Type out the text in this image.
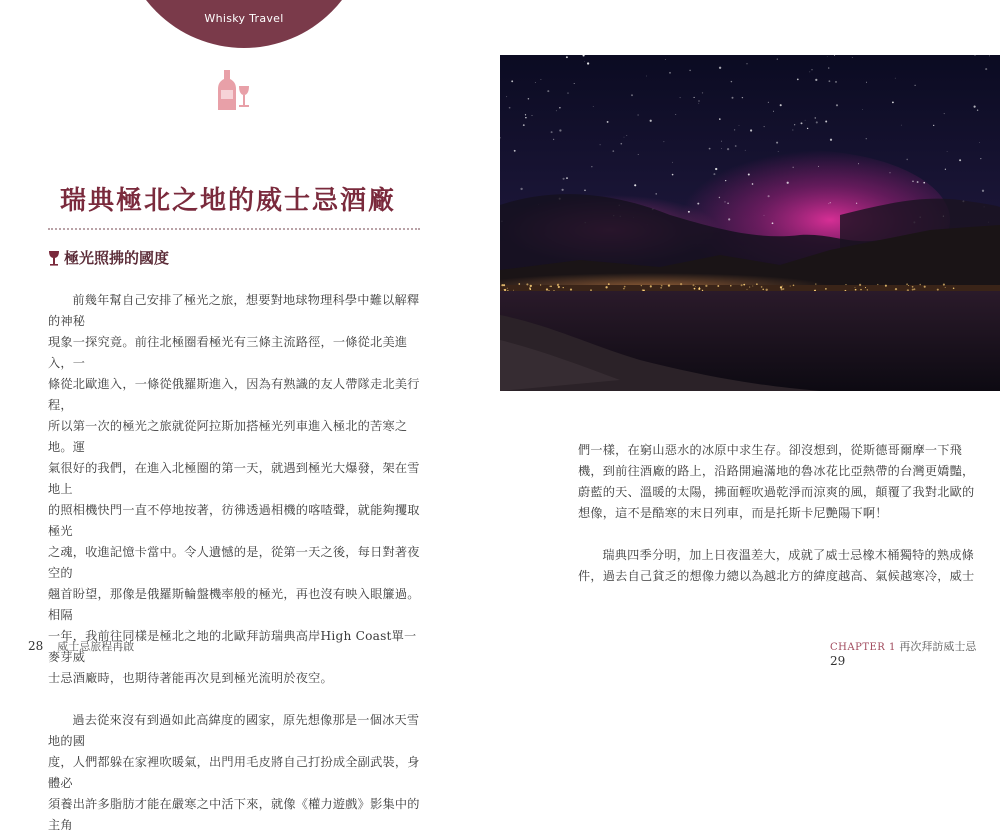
Whisky Travel
瑞典極北之地的威士忌酒廠
極光照拂的國度

前幾年幫自己安排了極光之旅，想要對地球物理科學中難以解釋的神秘

現象一探究竟。前往北極圈看極光有三條主流路徑，一條從北美進入，一

條從北歐進入，一條從俄羅斯進入，因為有熟識的友人帶隊走北美行程，

所以第一次的極光之旅就從阿拉斯加搭極光列車進入極北的苦寒之地。運

氣很好的我們，在進入北極圈的第一天，就遇到極光大爆發，架在雪地上

的照相機快門一直不停地按著，彷彿透過相機的喀喳聲，就能夠攫取極光

之魂，收進記憶卡當中。令人遺憾的是，從第一天之後，每日對著夜空的

翹首盼望，那像是俄羅斯輪盤機率般的極光，再也沒有映入眼簾過。相隔

一年，我前往同樣是極北之地的北歐拜訪瑞典高岸High Coast單一麥芽威

士忌酒廠時，也期待著能再次見到極光流明於夜空。

過去從來沒有到過如此高緯度的國家，原先想像那是一個冰天雪地的國

度，人們都躲在家裡吹暖氣，出門用毛皮將自己打扮成全副武裝，身體必

須養出許多脂肪才能在嚴寒之中活下來，就像《權力遊戲》影集中的主角

28 威士忌旅程再啟

們一樣，在窮山惡水的冰原中求生存。卻沒想到，從斯德哥爾摩一下飛

機，到前往酒廠的路上，沿路開遍滿地的魯冰花比亞熱帶的台灣更嬌豔，

蔚藍的天、溫暖的太陽，拂面輕吹過乾淨而涼爽的風，顛覆了我對北歐的

想像，這不是酷寒的末日列車，而是托斯卡尼艷陽下啊！

瑞典四季分明，加上日夜溫差大，成就了威士忌橡木桶獨特的熟成條

件，過去自己貧乏的想像力總以為越北方的緯度越高、氣候越寒冷，威士

CHAPTER 1 再次拜訪威士忌   29
